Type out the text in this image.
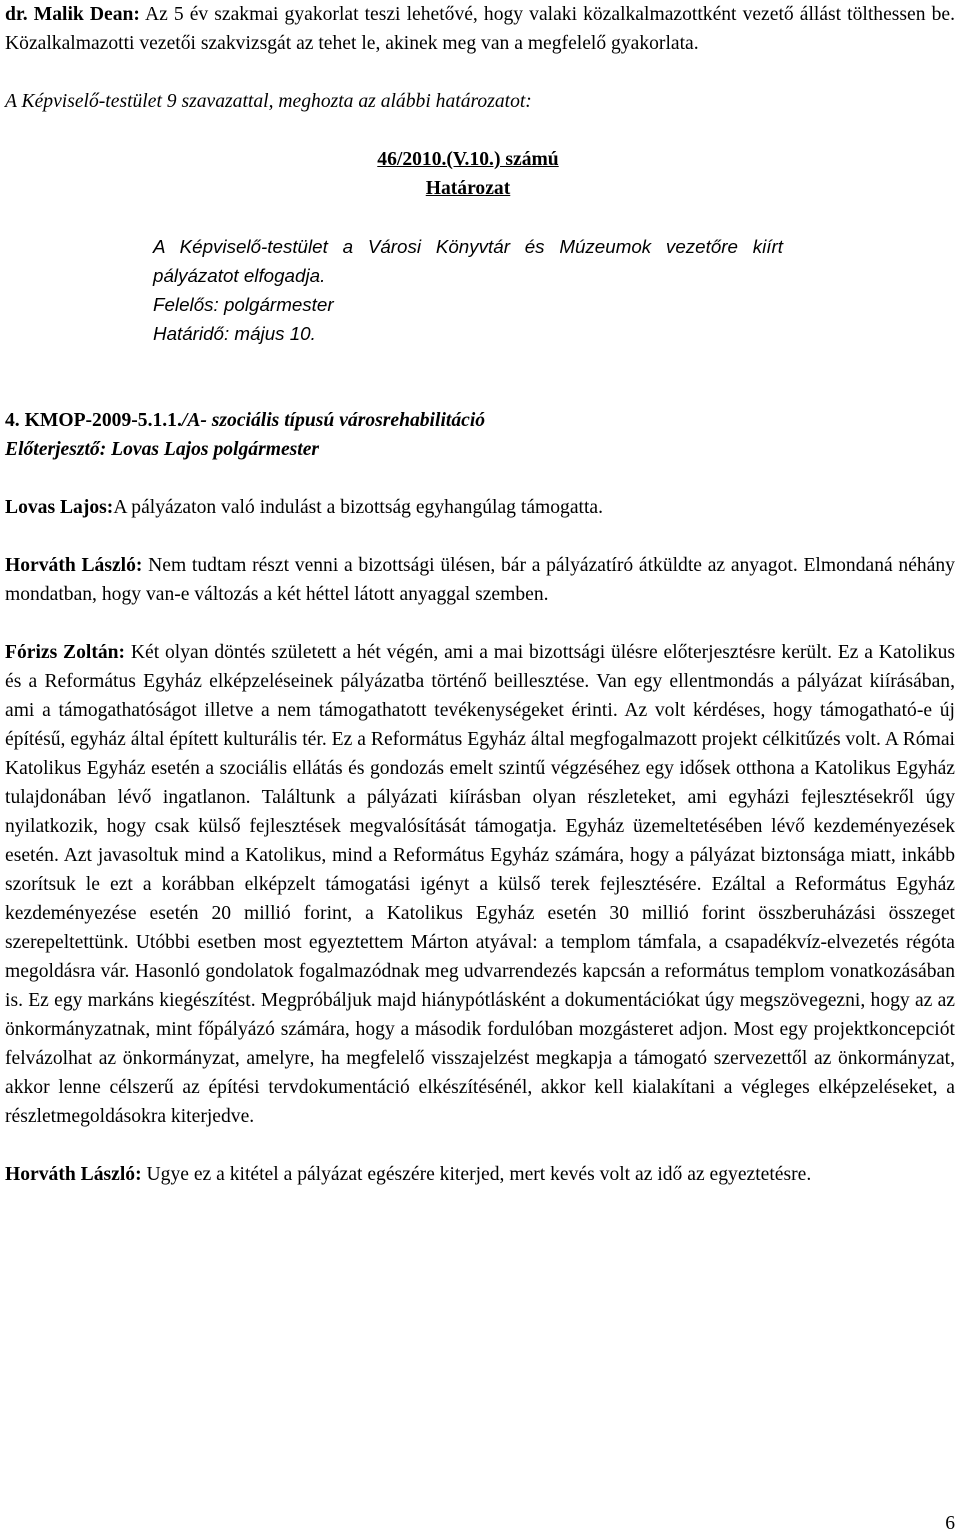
dr. Malik Dean: Az 5 év szakmai gyakorlat teszi lehetővé, hogy valaki közalkalmazottként vezető állást tölthessen be. Közalkalmazotti vezetői szakvizsgát az tehet le, akinek meg van a megfelelő gyakorlata.

A Képviselő-testület 9 szavazattal, meghozta az alábbi határozatot:

46/2010.(V.10.) számú

Határozat

A Képviselő-testület a Városi Könyvtár és Múzeumok vezetőre kiírt pályázatot elfogadja.

Felelős: polgármester

Határidő: május 10.

4. KMOP-2009-5.1.1./A- szociális típusú városrehabilitáció

Előterjesztő: Lovas Lajos polgármester

Lovas Lajos:A pályázaton való indulást a bizottság egyhangúlag támogatta.

Horváth László: Nem tudtam részt venni a bizottsági ülésen, bár a pályázatíró átküldte az anyagot. Elmondaná néhány mondatban, hogy van-e változás a két héttel látott anyaggal szemben.

Fórizs Zoltán: Két olyan döntés született a hét végén, ami a mai bizottsági ülésre előterjesztésre került. Ez a Katolikus és a Református Egyház elképzeléseinek pályázatba történő beillesztése. Van egy ellentmondás a pályázat kiírásában, ami a támogathatóságot illetve a nem támogathatott tevékenységeket érinti. Az volt kérdéses, hogy támogatható-e új építésű, egyház által épített kulturális tér. Ez a Református Egyház által megfogalmazott projekt célkitűzés volt. A Római Katolikus Egyház esetén a szociális ellátás és gondozás emelt szintű végzéséhez egy idősek otthona a Katolikus Egyház tulajdonában lévő ingatlanon. Találtunk a pályázati kiírásban olyan részleteket, ami egyházi fejlesztésekről úgy nyilatkozik, hogy csak külső fejlesztések megvalósítását támogatja. Egyház üzemeltetésében lévő kezdeményezések esetén. Azt javasoltuk mind a Katolikus, mind a Református Egyház számára, hogy a pályázat biztonsága miatt, inkább szorítsuk le ezt a korábban elképzelt támogatási igényt a külső terek fejlesztésére. Ezáltal a Református Egyház kezdeményezése esetén 20 millió forint, a Katolikus Egyház esetén 30 millió forint összberuházási összeget szerepeltettünk. Utóbbi esetben most egyeztettem Márton atyával: a templom támfala, a csapadékvíz-elvezetés régóta megoldásra vár. Hasonló gondolatok fogalmazódnak meg udvarrendezés kapcsán a református templom vonatkozásában is. Ez egy markáns kiegészítést. Megpróbáljuk majd hiánypótlásként a dokumentációkat úgy megszövegezni, hogy az az önkormányzatnak, mint főpályázó számára, hogy a második fordulóban mozgásteret adjon. Most egy projektkoncepciót felvázolhat az önkormányzat, amelyre, ha megfelelő visszajelzést megkapja a támogató szervezettől az önkormányzat, akkor lenne célszerű az építési tervdokumentáció elkészítésénél, akkor kell kialakítani a végleges elképzeléseket, a részletmegoldásokra kiterjedve.

Horváth László: Ugye ez a kitétel a pályázat egészére kiterjed, mert kevés volt az idő az egyeztetésre.

6
